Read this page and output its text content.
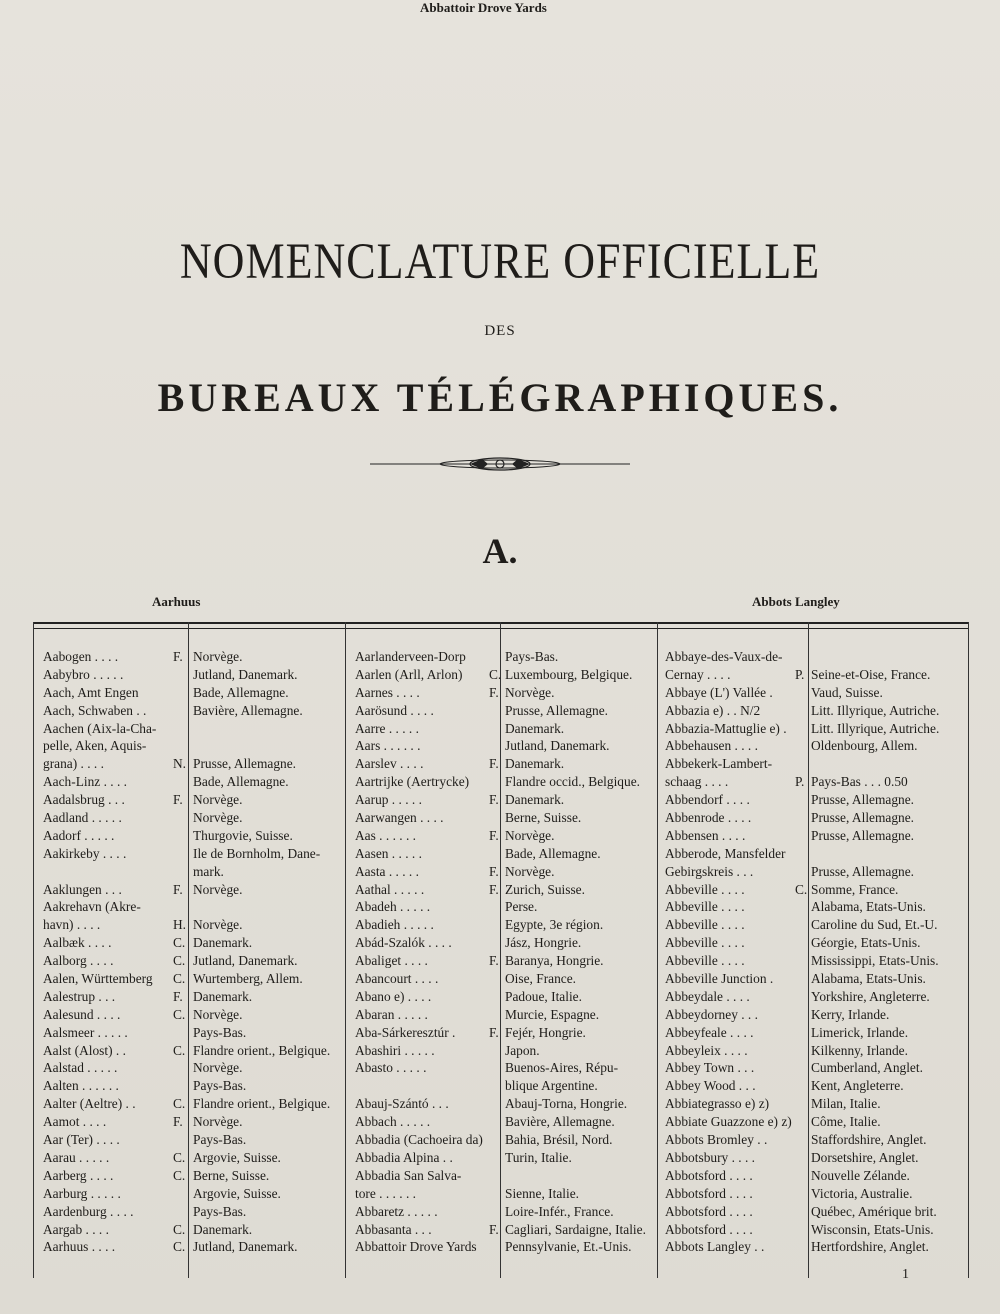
NOMENCLATURE OFFICIELLE
DES
BUREAUX TÉLÉGRAPHIQUES.
A.
Aarhuus
Abbattoir Drove Yards
Abbots Langley
Aabogen . . . .	F. Norvège.
Aabybro . . . . .	Jutland, Danemark.
Aach, Amt Engen	Bade, Allemagne.
Aach, Schwaben . .	Bavière, Allemagne.
Aachen (Aix-la-Cha-
pelle, Aken, Aquis-
grana) . . . .	N. Prusse, Allemagne.
Aach-Linz . . . .	Bade, Allemagne.
Aadalsbrug . . .	F. Norvège.
Aadland . . . . .	Norvège.
Aadorf . . . . .	Thurgovie, Suisse.
Aakirkeby . . . .	Ile de Bornholm, Dane-
mark.
Aaklungen . . .	F. Norvège.
Aakrehavn (Akre-
havn) . . . .	H. Norvège.
Aalbæk . . . .	C. Danemark.
Aalborg . . . .	C. Jutland, Danemark.
Aalen, Württemberg	C. Wurtemberg, Allem.
Aalestrup . . .	F. Danemark.
Aalesund . . . .	C. Norvège.
Aalsmeer . . . . .	Pays-Bas.
Aalst (Alost) . .	C. Flandre orient., Belgique.
Aalstad . . . . .	Norvège.
Aalten . . . . . .	Pays-Bas.
Aalter (Aeltre) . .	C. Flandre orient., Belgique.
Aamot . . . .	F. Norvège.
Aar (Ter) . . . .	Pays-Bas.
Aarau . . . . .	C. Argovie, Suisse.
Aarberg . . . .	C. Berne, Suisse.
Aarburg . . . . .	Argovie, Suisse.
Aardenburg . . . .	Pays-Bas.
Aargab . . . .	C. Danemark.
Aarhuus . . . .	C. Jutland, Danemark.
Aarlanderveen-Dorp	Pays-Bas.
Aarlen (Arll, Arlon)	C. Luxembourg, Belgique.
Aarnes . . . .	F. Norvège.
Aarösund . . . .	Prusse, Allemagne.
Aarre . . . . .	Danemark.
Aars . . . . . .	Jutland, Danemark.
Aarslev . . . .	F. Danemark.
Aartrijke (Aertrycke)	Flandre occid., Belgique.
Aarup . . . . .	F. Danemark.
Aarwangen . . . .	Berne, Suisse.
Aas . . . . . .	F. Norvège.
Aasen . . . . .	Bade, Allemagne.
Aasta . . . . .	F. Norvège.
Aathal . . . . .	F. Zurich, Suisse.
Abadeh . . . . .	Perse.
Abadieh . . . . .	Egypte, 3e région.
Abád-Szalók . . . .	Jász, Hongrie.
Abaliget . . . .	F. Baranya, Hongrie.
Abancourt . . . .	Oise, France.
Abano e) . . . .	Padoue, Italie.
Abaran . . . . .	Murcie, Espagne.
Aba-Sárkeresztúr .	F. Fejér, Hongrie.
Abashiri . . . . .	Japon.
Abasto . . . . .	Buenos-Aires, Répu-
blique Argentine.
Abauj-Szántó . . .	Abauj-Torna, Hongrie.
Abbach . . . . .	Bavière, Allemagne.
Abbadia (Cachoeira da)	Bahia, Brésil, Nord.
Abbadia Alpina . .	Turin, Italie.
Abbadia San Salva-
tore . . . . . .	Sienne, Italie.
Abbaretz . . . . .	Loire-Infér., France.
Abbasanta . . .	F. Cagliari, Sardaigne, Italie.
Abbattoir Drove Yards	Pennsylvanie, Et.-Unis.
Abbaye-des-Vaux-de-
Cernay . . . .	P. Seine-et-Oise, France.
Abbaye (L') Vallée .	Vaud, Suisse.
Abbazia e) . . N/2	Litt. Illyrique, Autriche.
Abbazia-Mattuglie e) .	Litt. Illyrique, Autriche.
Abbehausen . . . .	Oldenbourg, Allem.
Abbekerk-Lambert-
schaag . . . .	P. Pays-Bas . . . 0.50
Abbendorf . . . .	Prusse, Allemagne.
Abbenrode . . . .	Prusse, Allemagne.
Abbensen . . . .	Prusse, Allemagne.
Abberode, Mansfelder
Gebirgskreis . . .	Prusse, Allemagne.
Abbeville . . . .	C. Somme, France.
Abbeville . . . .	Alabama, Etats-Unis.
Abbeville . . . .	Caroline du Sud, Et.-U.
Abbeville . . . .	Géorgie, Etats-Unis.
Abbeville . . . .	Mississippi, Etats-Unis.
Abbeville Junction .	Alabama, Etats-Unis.
Abbeydale . . . .	Yorkshire, Angleterre.
Abbeydorney . . .	Kerry, Irlande.
Abbeyfeale . . . .	Limerick, Irlande.
Abbeyleix . . . .	Kilkenny, Irlande.
Abbey Town . . .	Cumberland, Anglet.
Abbey Wood . . .	Kent, Angleterre.
Abbiategrasso e) z)	Milan, Italie.
Abbiate Guazzone e) z)	Côme, Italie.
Abbots Bromley . .	Staffordshire, Anglet.
Abbotsbury . . . .	Dorsetshire, Anglet.
Abbotsford . . . .	Nouvelle Zélande.
Abbotsford . . . .	Victoria, Australie.
Abbotsford . . . .	Québec, Amérique brit.
Abbotsford . . . .	Wisconsin, Etats-Unis.
Abbots Langley . .	Hertfordshire, Anglet.
1
